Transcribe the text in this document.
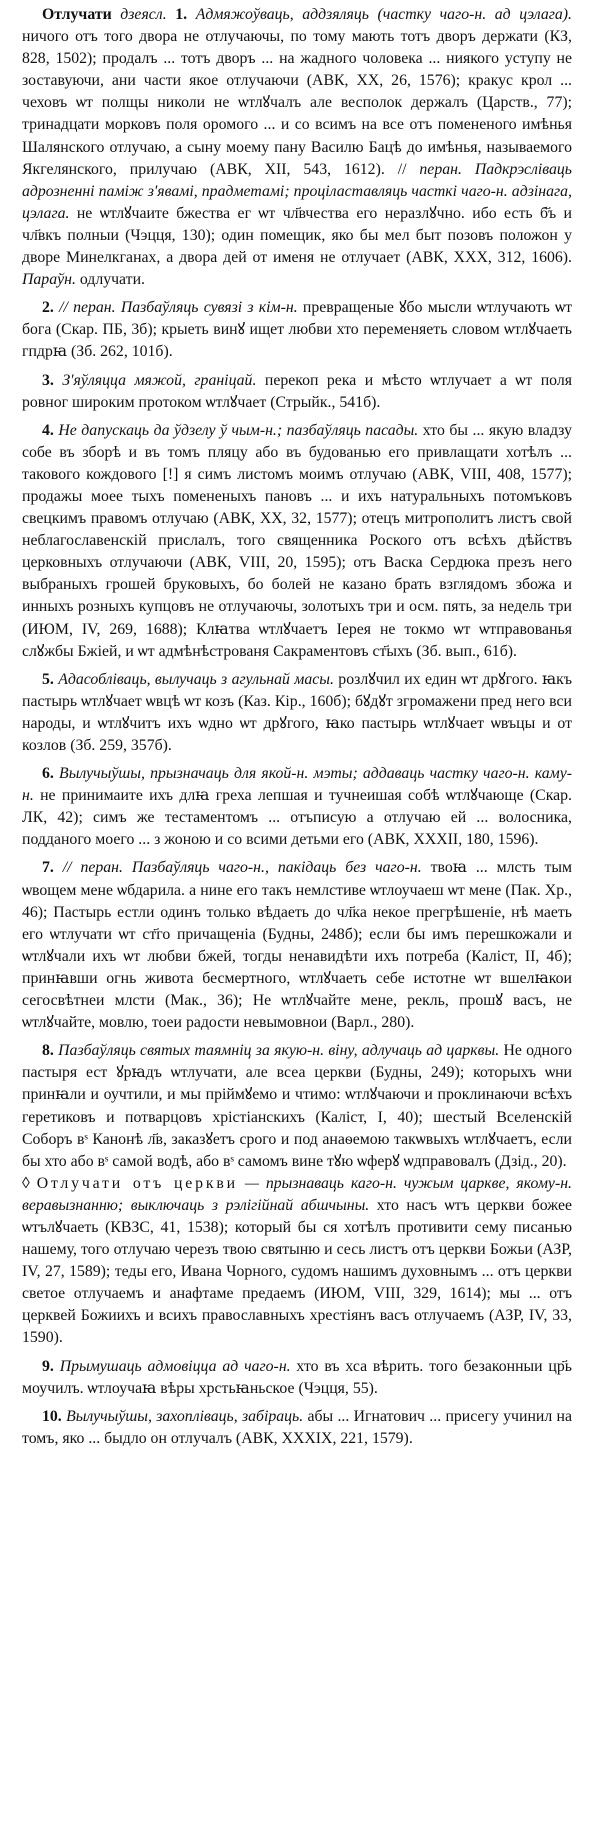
Отлучати дзеясл. 1. Адмяжоўваць, аддзяляць (частку чаго-н. ад цэлага). ничого отъ того двора не отлучаючы, по тому мають тотъ дворъ держати (КЗ, 828, 1502); продалъ ... тотъ дворъ ... на жадного чоловека ... ниякого уступу не зоставуючи, ани части якое отлучаючи (АВК, XX, 26, 1576); кракус крол ... чеховъ ѡт полщы николи не ѡтлꙋчалъ але весполок держалъ (Царств., 77); тринадцати морковъ поля оромого ... и со всимъ на все отъ помененого имѣнья Шалянского отлучаю, а сыну моему пану Василю Бацѣ до имѣнья, называемого Якгелянского, прилучаю (АВК, XII, 543, 1612). // перан. Падкрэсліваць адрозненні паміж з'явамі, прадметамі; проціластавляць часткі чаго-н. адзінага, цэлага. не ѡтлꙋчаите бжества ег ѡт чл҃вчества его неразлꙋчно. ибо есть б҃ъ и чл҃вкъ полныи (Чэцця, 130); один помещик, яко бы мел быт позовъ положон у дворе Минелкганах, а двора дей от именя не отлучает (АВК, XXX, 312, 1606). Параўн. одлучати.

2. // перан. Пазбаўляць сувязі з кім-н. превращеные ꙋбо мысли ѡтлучають ѡт бога (Скар. ПБ, 3б); крыеть винꙋ ищет любви хто переменяеть словом ѡтлꙋчаеть гпдрꙗ (Зб. 262, 101б).

3. З'яўляцца мяжой, граніцай. перекоп река и мѣсто ѡтлучает а ѡт поля ровног широким протоком ѡтлꙋчает (Стрыйк., 541б).

4. Не дапускаць да ўдзелу ў чым-н.; пазбаўляць пасады. хто бы ... якую владзу собе въ зборѣ и въ томъ пляцу або въ будованью его привлащати хотѣлъ ... такового кождового [!] я симъ листомъ моимъ отлучаю (АВК, VIII, 408, 1577); продажы моее тыхъ помененыхъ пановъ ... и ихъ натуральныхъ потомъковъ свецкимъ правомъ отлучаю (АВК, XX, 32, 1577); отецъ митрополитъ листъ свой неблагославенскій прислалъ, того священника Роского отъ всѣхъ дѣйствъ церковныхъ отлучаючи (АВК, VIII, 20, 1595); отъ Васка Сердюка презъ него выбраныхъ грошей бруковыхъ, бо болей не казано брать взглядомъ збожа и инныхъ розныхъ купцовъ не отлучаючы, золотыхъ три и осм. пять, за недель три (ИЮМ, IV, 269, 1688); Клꙗтва ѡтлꙋчаетъ Iерея не токмо ѡт ѡтправованья слꙋжбы Бжіей, и ѡт адмѣнѣстрованя Сакраментовъ ст҃ыхъ (Зб. вып., 61б).

5. Адасобліваць, вылучаць з агульнай масы. розлꙋчил их един ѡт дрꙋгого. ꙗкъ пастырь ѡтлꙋчает ѡвцѣ ѡт козъ (Каз. Кір., 160б); бꙋдꙋт згромажени пред него вси народы, и ѡтлꙋчитъ ихъ ѡдно ѡт дрꙋгого, ꙗко пастырь ѡтлꙋчает ѡвъцы и от козлов (Зб. 259, 357б).

6. Вылучыўшы, прызначаць для якой-н. мэты; аддаваць частку чаго-н. каму-н. не принимаите ихъ длꙗ греха лепшая и тучнеишая собѣ ѡтлꙋчающе (Скар. ЛК, 42); симъ же тестаментомъ ... отъписую а отлучаю ей ... волосника, подданого моего ... з жоною и со всими детьми его (АВК, XXXII, 180, 1596).

7. // перан. Пазбаўляць чаго-н., пакідаць без чаго-н. твоꙗ ... млсть тым ѡвощем мене ѡбдарила. а нине его такъ немлстиве ѡтлоучаеш ѡт мене (Пак. Хр., 46); Пастырь естли одинъ только вѣдаеть до чл҃ка некое прегрѣшеніе, нѣ маеть его ѡтлучати ѡт ст҃го причащеніа (Будны, 248б); если бы имъ перешкожали и ѡтлꙋчали ихъ ѡт любви бжей, тогды ненавидѣти ихъ потреба (Каліст, II, 4б); принꙗвши огнь живота бесмертного, ѡтлꙋчаеть себе истотне ѡт вшелꙗкои сегосвѣтнеи млсти (Мак., 36); Не ѡтлꙋчайте мене, рекль, прошꙋ васъ, не ѡтлꙋчайте, мовлю, тоеи радости невымовнои (Варл., 280).

8. Пазбаўляць святых таямніц за якую-н. віну, адлучаць ад царквы. Не одного пастыря ест ꙋрꙗдъ ѡтлучати, але всеа церкви (Будны, 249); которыхъ ѡни принꙗли и оучтили, и мы пріймꙋемо и чтимо: ѡтлꙋчаючи и проклинаючи всѣхъ геретиковъ и потварцовъ хрістіанскихъ (Каліст, I, 40); шестый Вселенскій Соборъ вˢ Канонѣ л҃в, заказꙋетъ срого и под анаѳемою такѡвыхъ ѡтлꙋчаетъ, если бы хто або вˢ самой водѣ, або вˢ самомъ вине тꙋю ѡферꙋ ѡдправовалъ (Дзід., 20).
◊ Отлучати отъ церкви — прызнаваць каго-н. чужым царкве, якому-н. веравызнанню; выключаць з рэлігійнай абшчыны. хто насъ ѡтъ церкви божее ѡтълꙋчаеть (КВЗС, 41, 1538); который бы ся хотѣлъ противити сему писанью нашему, того отлучаю черезъ твою святыню и сесь листъ отъ церкви Божьи (АЗР, IV, 27, 1589); теды его, Ивана Чорного, судомъ нашимъ духовнымъ ... отъ церкви светое отлучаемъ и анафтаме предаемъ (ИЮМ, VIII, 329, 1614); мы ... отъ церквей Божиихъ и всихъ православныхъ хрестіянъ васъ отлучаемъ (АЗР, IV, 33, 1590).

9. Прымушаць адмовіцца ад чаго-н. хто въ хса вѣрить. того безаконныи цр҃ь моучилъ. ѡтлоучаꙗ вѣры хрстьꙗньское (Чэцця, 55).

10. Вылучыўшы, захопліваць, забіраць. абы ... Игнатович ... присегу учинил на томъ, яко ... быдло он отлучалъ (АВК, XXXIX, 221, 1579).
